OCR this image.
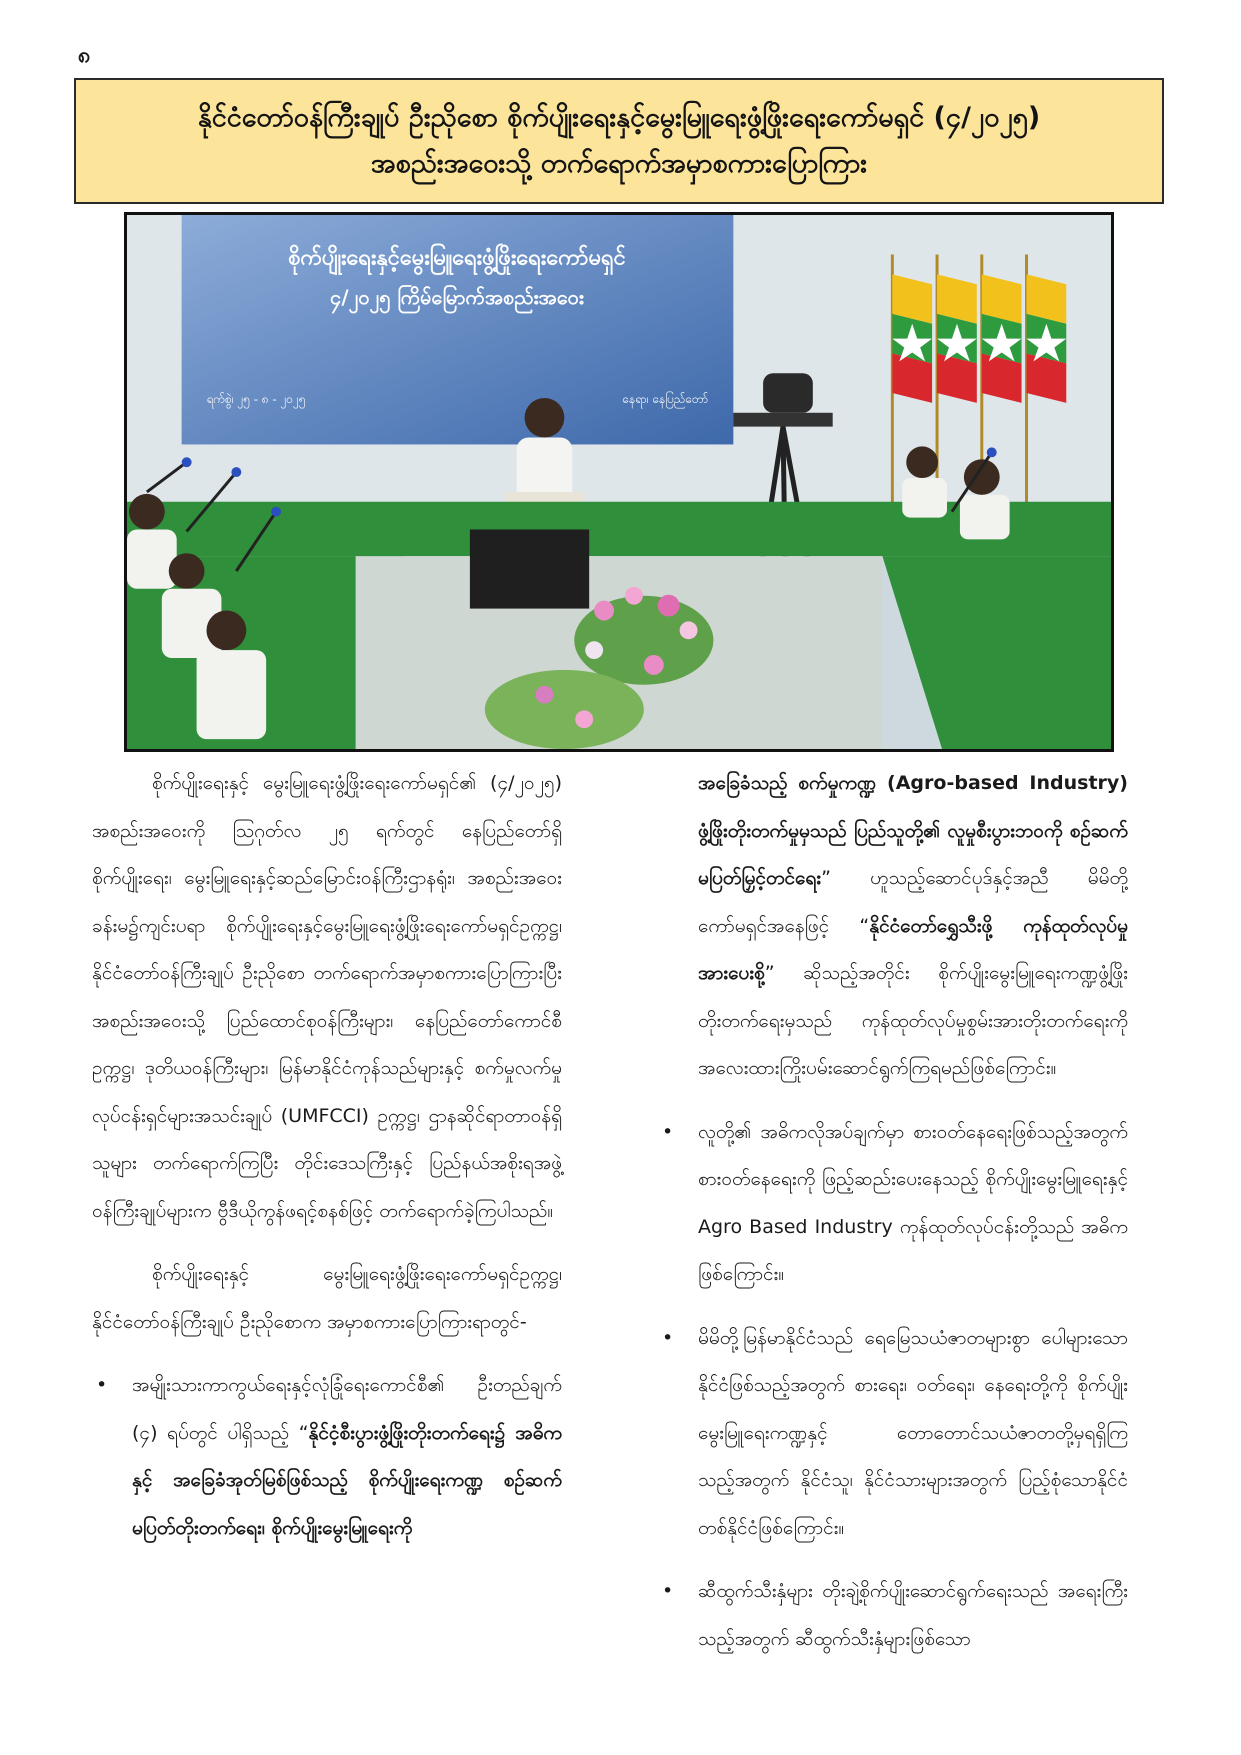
၈
နိုင်ငံတော်ဝန်ကြီးချုပ် ဦးညိုစော စိုက်ပျိုးရေးနှင့်မွေးမြူရေးဖွံ့ဖြိုးရေးကော်မရှင် (၄/၂၀၂၅)
အစည်းအဝေးသို့ တက်ရောက်အမှာစကားပြောကြား
စိုက်ပျိုးရေးနှင့်မွေးမြူရေးဖွံ့ဖြိုးရေးကော်မရှင်
၄/၂၀၂၅ ကြိမ်မြောက်အစည်းအဝေး
ရက်စွဲ၊ ၂၅ - ၈ - ၂၀၂၅	နေရာ၊ နေပြည်တော်

စိုက်ပျိုးရေးနှင့် မွေးမြူရေးဖွံ့ဖြိုးရေးကော်မရှင်၏ (၄/၂၀၂၅) အစည်းအဝေးကို ဩဂုတ်လ ၂၅ ရက်တွင် နေပြည်တော်ရှိ စိုက်ပျိုးရေး၊ မွေးမြူရေးနှင့်ဆည်မြောင်းဝန်ကြီးဌာနရုံး၊ အစည်းအဝေးခန်းမ၌ကျင်းပရာ စိုက်ပျိုးရေးနှင့်မွေးမြူရေးဖွံ့ဖြိုးရေးကော်မရှင်ဥက္ကဋ္ဌ၊ နိုင်ငံတော်ဝန်ကြီးချုပ် ဦးညိုစော တက်ရောက်အမှာစကားပြောကြားပြီး အစည်းအဝေးသို့ ပြည်ထောင်စုဝန်ကြီးများ၊ နေပြည်တော်ကောင်စီဥက္ကဋ္ဌ၊ ဒုတိယဝန်ကြီးများ၊ မြန်မာနိုင်ငံကုန်သည်များနှင့် စက်မှုလက်မှုလုပ်ငန်းရှင်များအသင်းချုပ် (UMFCCI) ဥက္ကဋ္ဌ၊ ဌာနဆိုင်ရာတာဝန်ရှိသူများ တက်ရောက်ကြပြီး တိုင်းဒေသကြီးနှင့် ပြည်နယ်အစိုးရအဖွဲ့ ဝန်ကြီးချုပ်များက ဗွီဒီယိုကွန်ဖရင့်စနစ်ဖြင့် တက်ရောက်ခဲ့ကြပါသည်။

စိုက်ပျိုးရေးနှင့် မွေးမြူရေးဖွံ့ဖြိုးရေးကော်မရှင်ဥက္ကဋ္ဌ၊ နိုင်ငံတော်ဝန်ကြီးချုပ် ဦးညိုစောက အမှာစကားပြောကြားရာတွင်-

• အမျိုးသားကာကွယ်ရေးနှင့်လုံခြုံရေးကောင်စီ၏ ဦးတည်ချက် (၄) ရပ်တွင် ပါရှိသည့် “နိုင်ငံ့စီးပွားဖွံ့ဖြိုးတိုးတက်ရေး၌ အဓိကနှင့် အခြေခံအုတ်မြစ်ဖြစ်သည့် စိုက်ပျိုးရေးကဏ္ဍ စဉ်ဆက်မပြတ်တိုးတက်ရေး၊ စိုက်ပျိုးမွေးမြူရေးကို

အခြေခံသည့် စက်မှုကဏ္ဍ (Agro-based Industry) ဖွံ့ဖြိုးတိုးတက်မှုမှသည် ပြည်သူတို့၏ လူမှုစီးပွားဘဝကို စဉ်ဆက်မပြတ်မြှင့်တင်ရေး” ဟူသည့်ဆောင်ပုဒ်နှင့်အညီ မိမိတို့ကော်မရှင်အနေဖြင့် “နိုင်ငံတော်ရွှေသီးဖို့ ကုန်ထုတ်လုပ်မှုအားပေးစို့” ဆိုသည့်အတိုင်း စိုက်ပျိုးမွေးမြူရေးကဏ္ဍဖွံ့ဖြိုးတိုးတက်ရေးမှသည် ကုန်ထုတ်လုပ်မှုစွမ်းအားတိုးတက်ရေးကို အလေးထားကြိုးပမ်းဆောင်ရွက်ကြရမည်ဖြစ်ကြောင်း။

• လူတို့၏ အဓိကလိုအပ်ချက်မှာ စားဝတ်နေရေးဖြစ်သည့်အတွက် စားဝတ်နေရေးကို ဖြည့်ဆည်းပေးနေသည့် စိုက်ပျိုးမွေးမြူရေးနှင့် Agro Based Industry ကုန်ထုတ်လုပ်ငန်းတို့သည် အဓိကဖြစ်ကြောင်း။

• မိမိတို့မြန်မာနိုင်ငံသည် ရေမြေသယံဇာတများစွာ ပေါများသောနိုင်ငံဖြစ်သည့်အတွက် စားရေး၊ ဝတ်ရေး၊ နေရေးတို့ကို စိုက်ပျိုးမွေးမြူရေးကဏ္ဍနှင့် တောတောင်သယံဇာတတို့မှရရှိကြသည့်အတွက် နိုင်ငံသူ၊ နိုင်ငံသားများအတွက် ပြည့်စုံသောနိုင်ငံတစ်နိုင်ငံဖြစ်ကြောင်း။

• ဆီထွက်သီးနှံများ တိုးချဲ့စိုက်ပျိုးဆောင်ရွက်ရေးသည် အရေးကြီးသည့်အတွက် ဆီထွက်သီးနှံများဖြစ်သော
